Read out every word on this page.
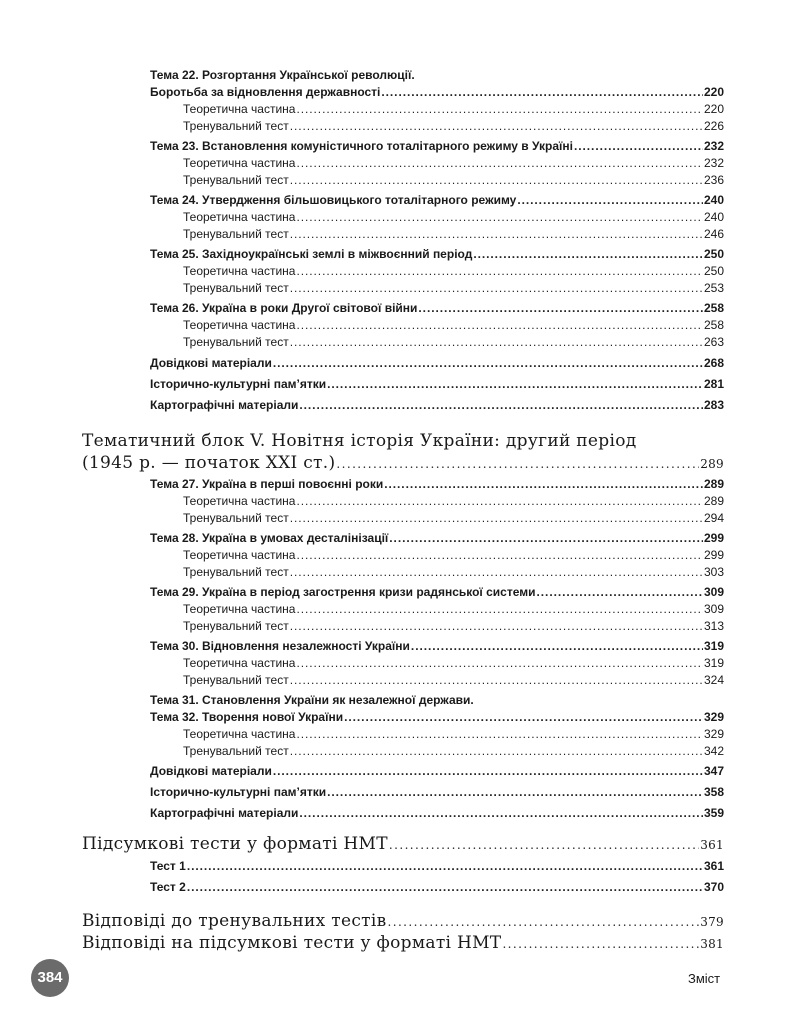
Тема 22. Розгортання Української революції.
Боротьба за відновлення державності . . .	220
Теоретична частина . . .	220
Тренувальний тест . . .	226
Тема 23. Встановлення комуністичного тоталітарного режиму в Україні . . .	232
Теоретична частина . . .	232
Тренувальний тест . . .	236
Тема 24. Утвердження більшовицького тоталітарного режиму . . .	240
Теоретична частина . . .	240
Тренувальний тест . . .	246
Тема 25. Західноукраїнські землі в міжвоєнний період . . .	250
Теоретична частина . . .	250
Тренувальний тест . . .	253
Тема 26. Україна в роки Другої світової війни . . .	258
Теоретична частина . . .	258
Тренувальний тест . . .	263
Довідкові матеріали . . .	268
Історично-культурні пам’ятки . . .	281
Картографічні матеріали . . .	283
Тематичний блок V. Новітня історія України: другий період
(1945 р. — початок XXI ст.) . . .	289
Тема 27. Україна в перші повоєнні роки . . .	289
Теоретична частина . . .	289
Тренувальний тест . . .	294
Тема 28. Україна в умовах десталінізації . . .	299
Теоретична частина . . .	299
Тренувальний тест . . .	303
Тема 29. Україна в період загострення кризи радянської системи . . .	309
Теоретична частина . . .	309
Тренувальний тест . . .	313
Тема 30. Відновлення незалежності України . . .	319
Теоретична частина . . .	319
Тренувальний тест . . .	324
Тема 31. Становлення України як незалежної держави.
Тема 32. Творення нової України . . .	329
Теоретична частина . . .	329
Тренувальний тест . . .	342
Довідкові матеріали . . .	347
Історично-культурні пам’ятки . . .	358
Картографічні матеріали . . .	359
Підсумкові тести у форматі НМТ . . .	361
Тест 1 . . .	361
Тест 2 . . .	370
Відповіді до тренувальних тестів . . .	379
Відповіді на підсумкові тести у форматі НМТ . . .	381
384	Зміст
